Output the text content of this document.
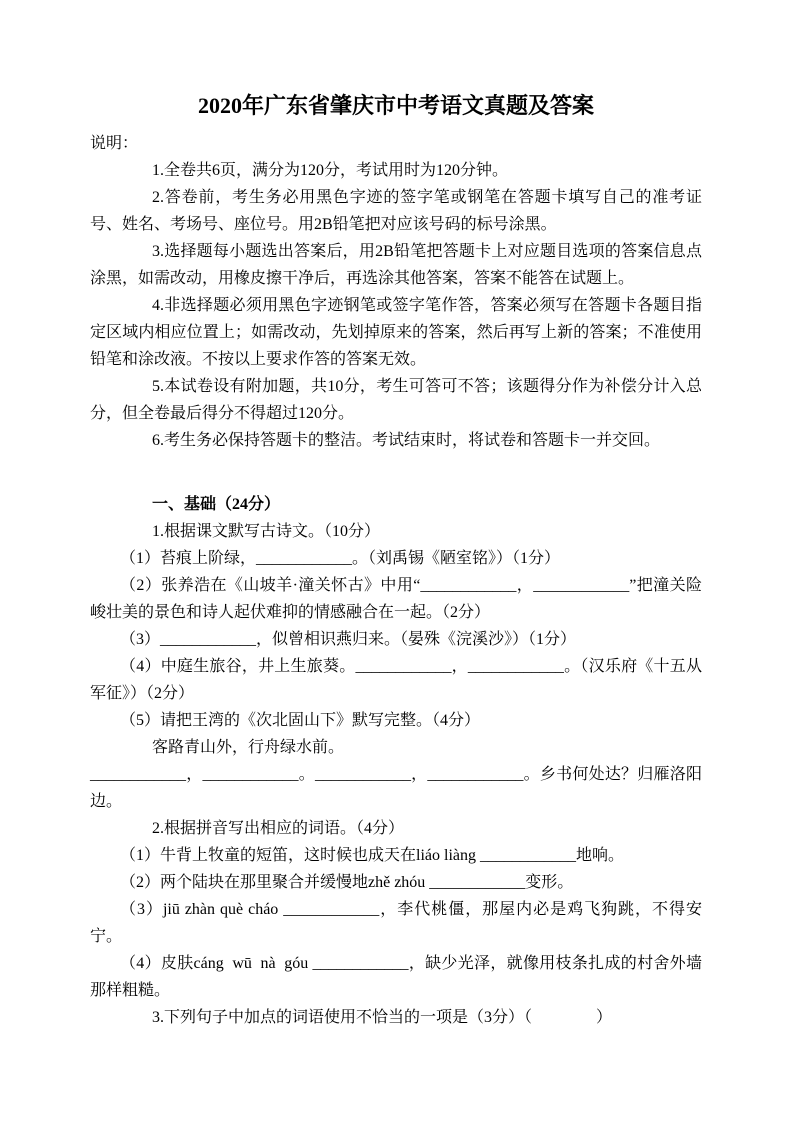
2020年广东省肇庆市中考语文真题及答案

说明：

1.全卷共6页，满分为120分，考试用时为120分钟。

2.答卷前，考生务必用黑色字迹的签字笔或钢笔在答题卡填写自己的准考证号、姓名、考场号、座位号。用2B铅笔把对应该号码的标号涂黑。

3.选择题每小题选出答案后，用2B铅笔把答题卡上对应题目选项的答案信息点涂黑，如需改动，用橡皮擦干净后，再选涂其他答案，答案不能答在试题上。

4.非选择题必须用黑色字迹钢笔或签字笔作答，答案必须写在答题卡各题目指定区域内相应位置上；如需改动，先划掉原来的答案，然后再写上新的答案；不准使用铅笔和涂改液。不按以上要求作答的答案无效。

5.本试卷设有附加题，共10分，考生可答可不答；该题得分作为补偿分计入总分，但全卷最后得分不得超过120分。

6.考生务必保持答题卡的整洁。考试结束时，将试卷和答题卡一并交回。

一、基础（24分）

1.根据课文默写古诗文。（10分）

（1）苔痕上阶绿，____________。（刘禹锡《陋室铭》）（1分）

（2）张养浩在《山坡羊·潼关怀古》中用“____________，____________”把潼关险峻壮美的景色和诗人起伏难抑的情感融合在一起。（2分）

（3）____________，似曾相识燕归来。（晏殊《浣溪沙》）（1分）

（4）中庭生旅谷，井上生旅葵。____________，____________。（汉乐府《十五从军征》）（2分）

（5）请把王湾的《次北固山下》默写完整。（4分）

客路青山外，行舟绿水前。

____________，____________。____________，____________。乡书何处达？归雁洛阳边。

2.根据拼音写出相应的词语。（4分）

（1）牛背上牧童的短笛，这时候也成天在liáo liàng ____________地响。

（2）两个陆块在那里聚合并缓慢地zhě zhóu ____________变形。

（3）jiū zhàn què cháo ____________，李代桃僵，那屋内必是鸡飞狗跳，不得安宁。

（4）皮肤cáng  wū  nà  góu ____________，缺少光泽，就像用枝条扎成的村舍外墙那样粗糙。

3.下列句子中加点的词语使用不恰当的一项是（3分）（　　　　）
